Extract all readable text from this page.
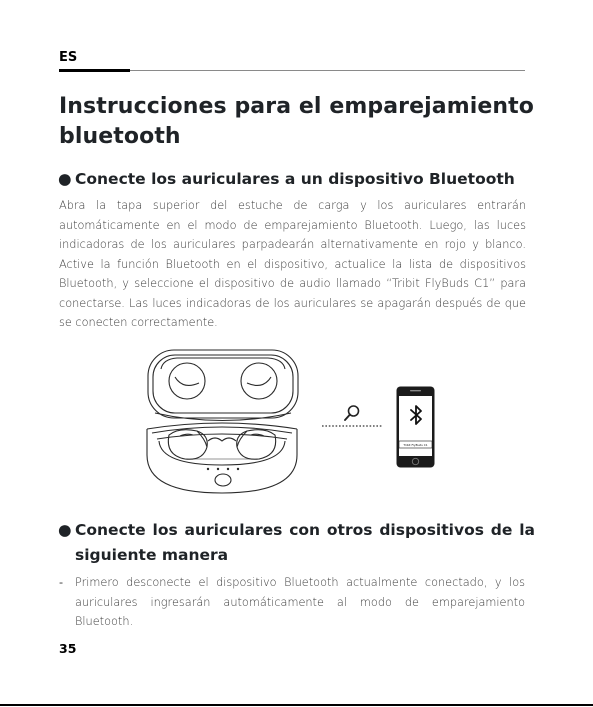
ES
Instrucciones para el emparejamiento bluetooth
● Conecte los auriculares a un dispositivo Bluetooth

Abra la tapa superior del estuche de carga y los auriculares entrarán automáticamente en el modo de emparejamiento Bluetooth. Luego, las luces indicadoras de los auriculares parpadearán alternativamente en rojo y blanco. Active la función Bluetooth en el dispositivo, actualice la lista de dispositivos Bluetooth, y seleccione el dispositivo de audio llamado “Tribit FlyBuds C1” para conectarse. Las luces indicadoras de los auriculares se apagarán después de que se conecten correctamente.

Tribit FlyBuds C1
● Conecte los auriculares con otros dispositivos de la siguiente manera
- Primero desconecte el dispositivo Bluetooth actualmente conectado, y los auriculares ingresarán automáticamente al modo de emparejamiento Bluetooth.

35
